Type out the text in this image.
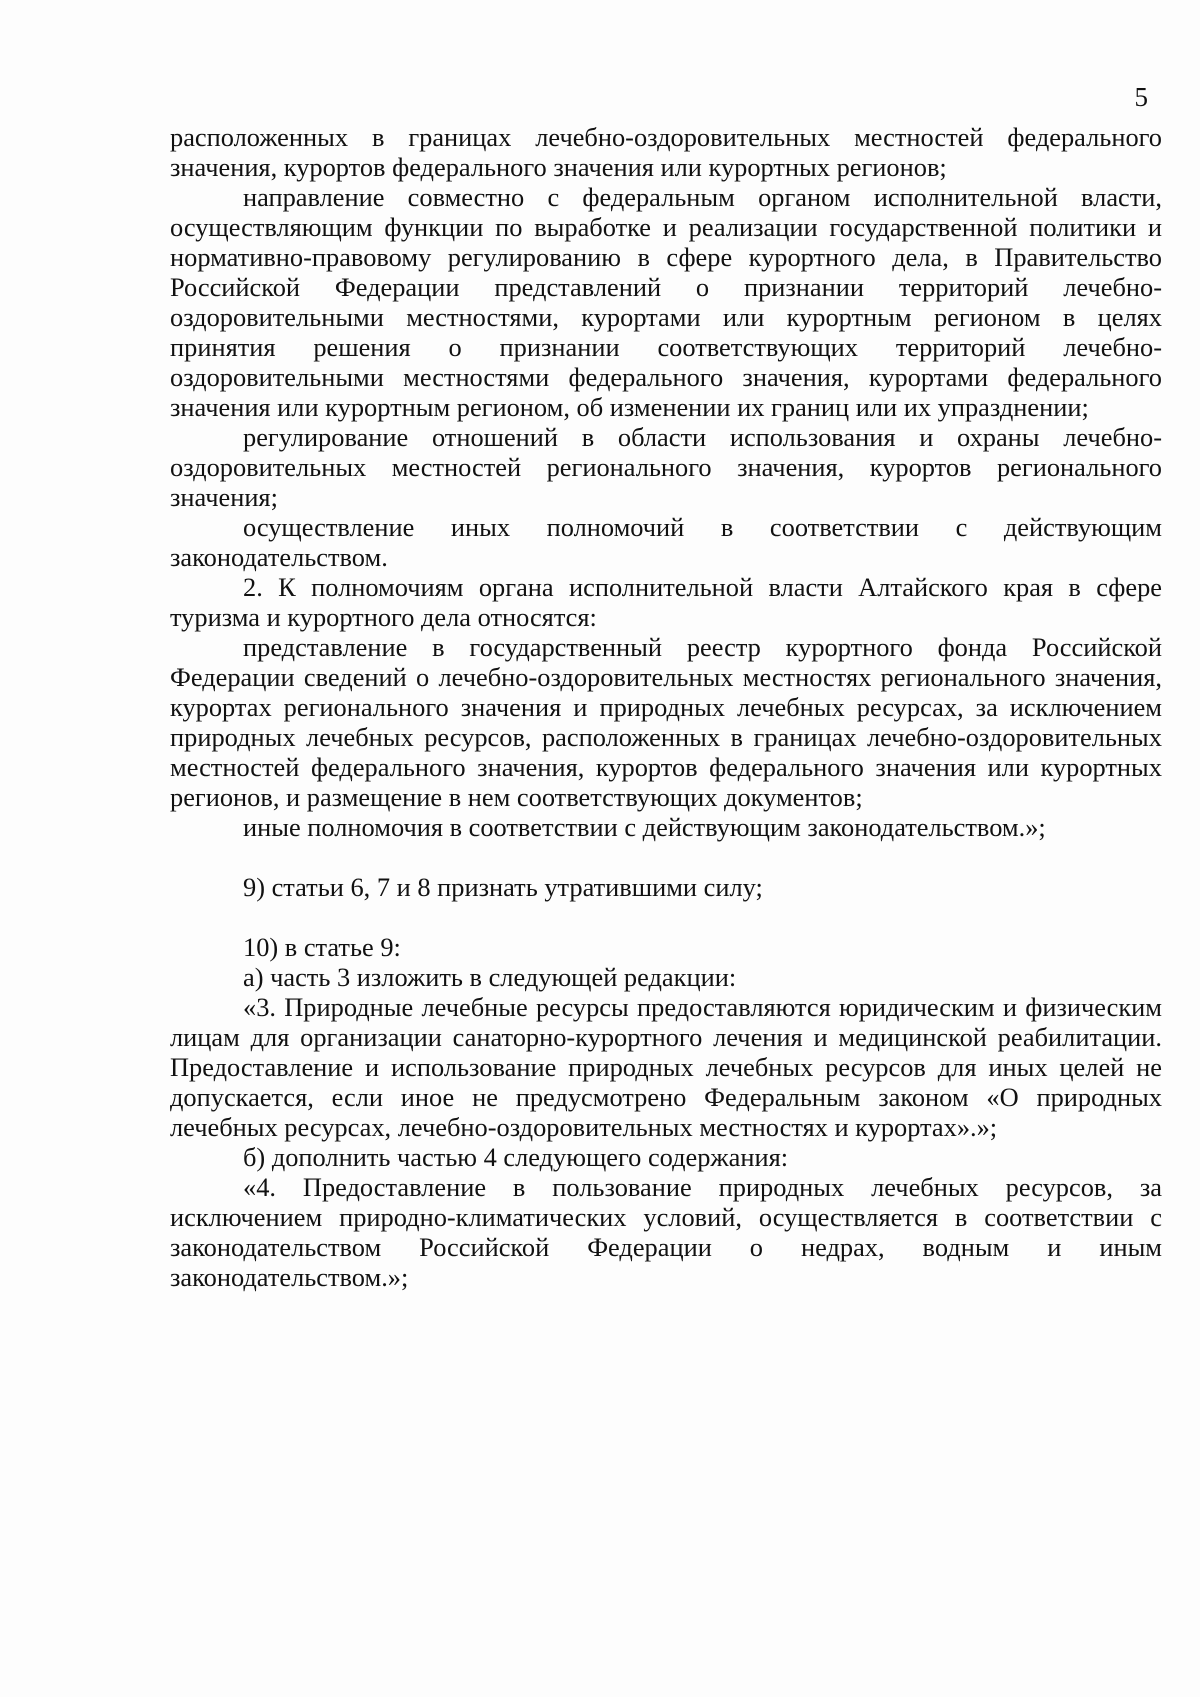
5

расположенных в границах лечебно-оздоровительных местностей федерального значения, курортов федерального значения или курортных регионов;

направление совместно с федеральным органом исполнительной власти, осуществляющим функции по выработке и реализации государственной политики и нормативно-правовому регулированию в сфере курортного дела, в Правительство Российской Федерации представлений о признании территорий лечебно-оздоровительными местностями, курортами или курортным регионом в целях принятия решения о признании соответствующих территорий лечебно-оздоровительными местностями федерального значения, курортами федерального значения или курортным регионом, об изменении их границ или их упразднении;

регулирование отношений в области использования и охраны лечебно-оздоровительных местностей регионального значения, курортов регионального значения;

осуществление иных полномочий в соответствии с действующим законодательством.

2. К полномочиям органа исполнительной власти Алтайского края в сфере туризма и курортного дела относятся:

представление в государственный реестр курортного фонда Российской Федерации сведений о лечебно-оздоровительных местностях регионального значения, курортах регионального значения и природных лечебных ресурсах, за исключением природных лечебных ресурсов, расположенных в границах лечебно-оздоровительных местностей федерального значения, курортов федерального значения или курортных регионов, и размещение в нем соответствующих документов;

иные полномочия в соответствии с действующим законодательством.»;

9) статьи 6, 7 и 8 признать утратившими силу;

10) в статье 9:

а) часть 3 изложить в следующей редакции:

«3. Природные лечебные ресурсы предоставляются юридическим и физическим лицам для организации санаторно-курортного лечения и медицинской реабилитации. Предоставление и использование природных лечебных ресурсов для иных целей не допускается, если иное не предусмотрено Федеральным законом «О природных лечебных ресурсах, лечебно-оздоровительных местностях и курортах».»;

б) дополнить частью 4 следующего содержания:

«4. Предоставление в пользование природных лечебных ресурсов, за исключением природно-климатических условий, осуществляется в соответствии с законодательством Российской Федерации о недрах, водным и иным законодательством.»;
